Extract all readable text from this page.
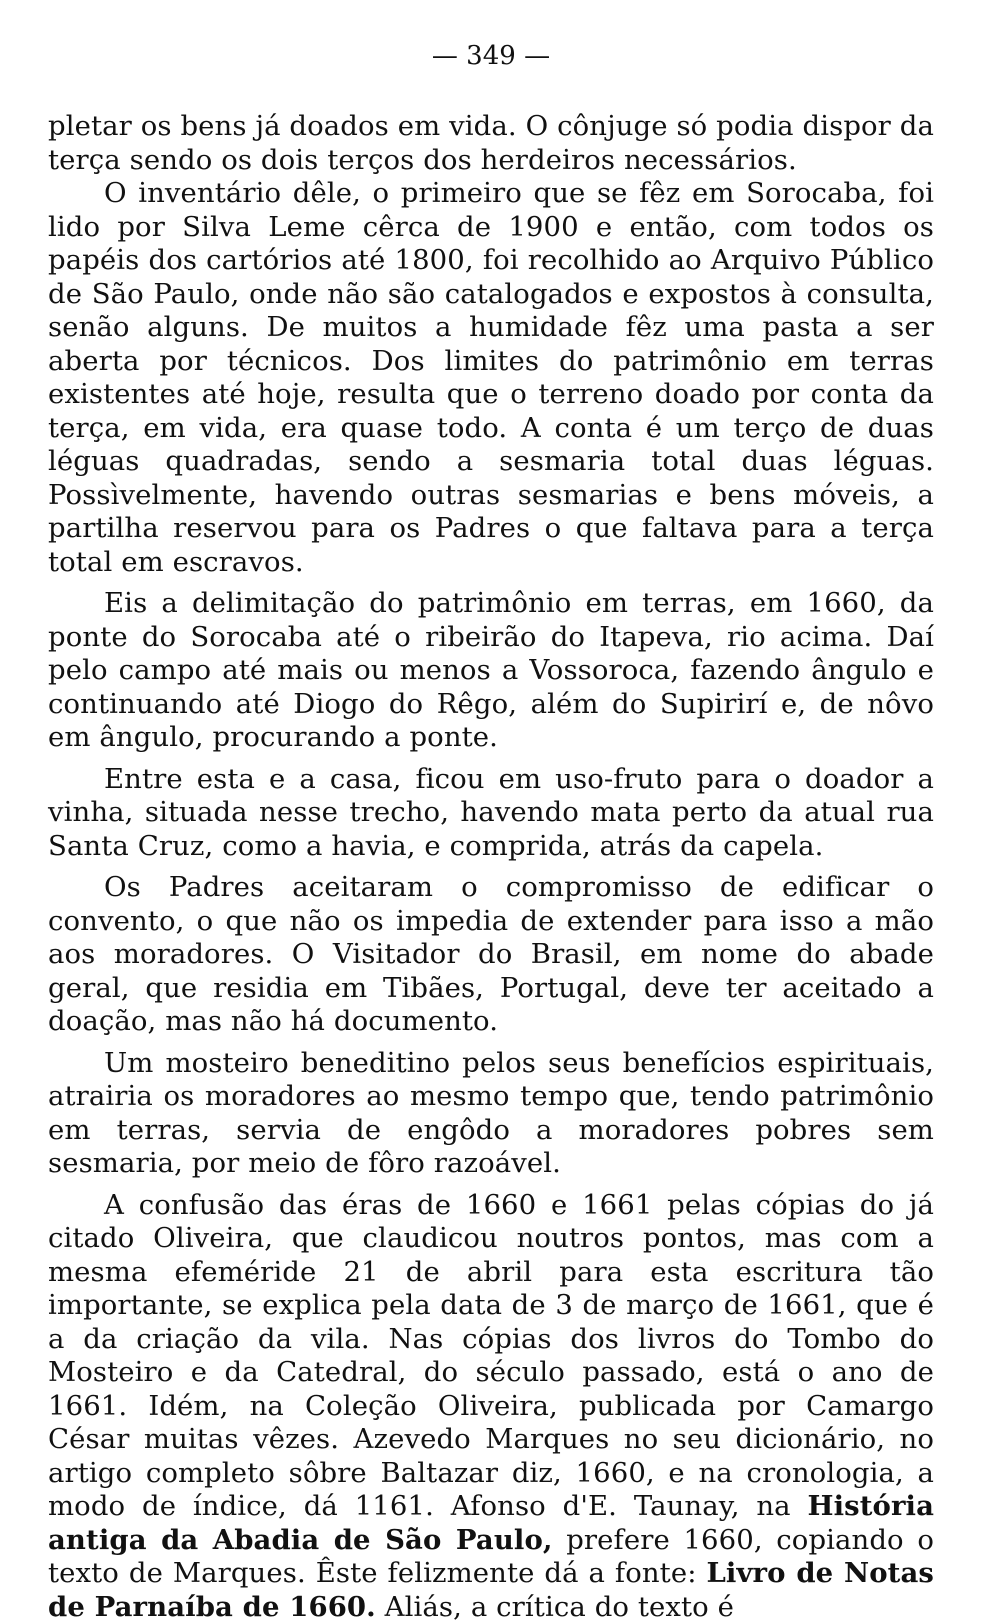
— 349 —

pletar os bens já doados em vida. O cônjuge só podia dispor da terça sendo os dois terços dos herdeiros necessários.

O inventário dêle, o primeiro que se fêz em Sorocaba, foi lido por Silva Leme cêrca de 1900 e então, com todos os papéis dos cartórios até 1800, foi recolhido ao Arquivo Público de São Paulo, onde não são catalogados e expostos à consulta, senão alguns. De muitos a humidade fêz uma pasta a ser aberta por técnicos. Dos limites do patrimônio em terras existentes até hoje, resulta que o terreno doado por conta da terça, em vida, era quase todo. A conta é um terço de duas léguas quadradas, sendo a sesmaria total duas léguas. Possìvelmente, havendo outras sesmarias e bens móveis, a partilha reservou para os Padres o que faltava para a terça total em escravos.

Eis a delimitação do patrimônio em terras, em 1660, da ponte do Sorocaba até o ribeirão do Itapeva, rio acima. Daí pelo campo até mais ou menos a Vossoroca, fazendo ângulo e continuando até Diogo do Rêgo, além do Supirirí e, de nôvo em ângulo, procurando a ponte.

Entre esta e a casa, ficou em uso-fruto para o doador a vinha, situada nesse trecho, havendo mata perto da atual rua Santa Cruz, como a havia, e comprida, atrás da capela.

Os Padres aceitaram o compromisso de edificar o convento, o que não os impedia de extender para isso a mão aos moradores. O Visitador do Brasil, em nome do abade geral, que residia em Tibães, Portugal, deve ter aceitado a doação, mas não há documento.

Um mosteiro beneditino pelos seus benefícios espirituais, atrairia os moradores ao mesmo tempo que, tendo patrimônio em terras, servia de engôdo a moradores pobres sem sesmaria, por meio de fôro razoável.

A confusão das éras de 1660 e 1661 pelas cópias do já citado Oliveira, que claudicou noutros pontos, mas com a mesma efeméride 21 de abril para esta escritura tão importante, se explica pela data de 3 de março de 1661, que é a da criação da vila. Nas cópias dos livros do Tombo do Mosteiro e da Catedral, do século passado, está o ano de 1661. Idém, na Coleção Oliveira, publicada por Camargo César muitas vêzes. Azevedo Marques no seu dicionário, no artigo completo sôbre Baltazar diz, 1660, e na cronologia, a modo de índice, dá 1161. Afonso d'E. Taunay, na História antiga da Abadia de São Paulo, prefere 1660, copiando o texto de Marques. Êste felizmente dá a fonte: Livro de Notas de Parnaíba de 1660. Aliás, a crítica do texto é
